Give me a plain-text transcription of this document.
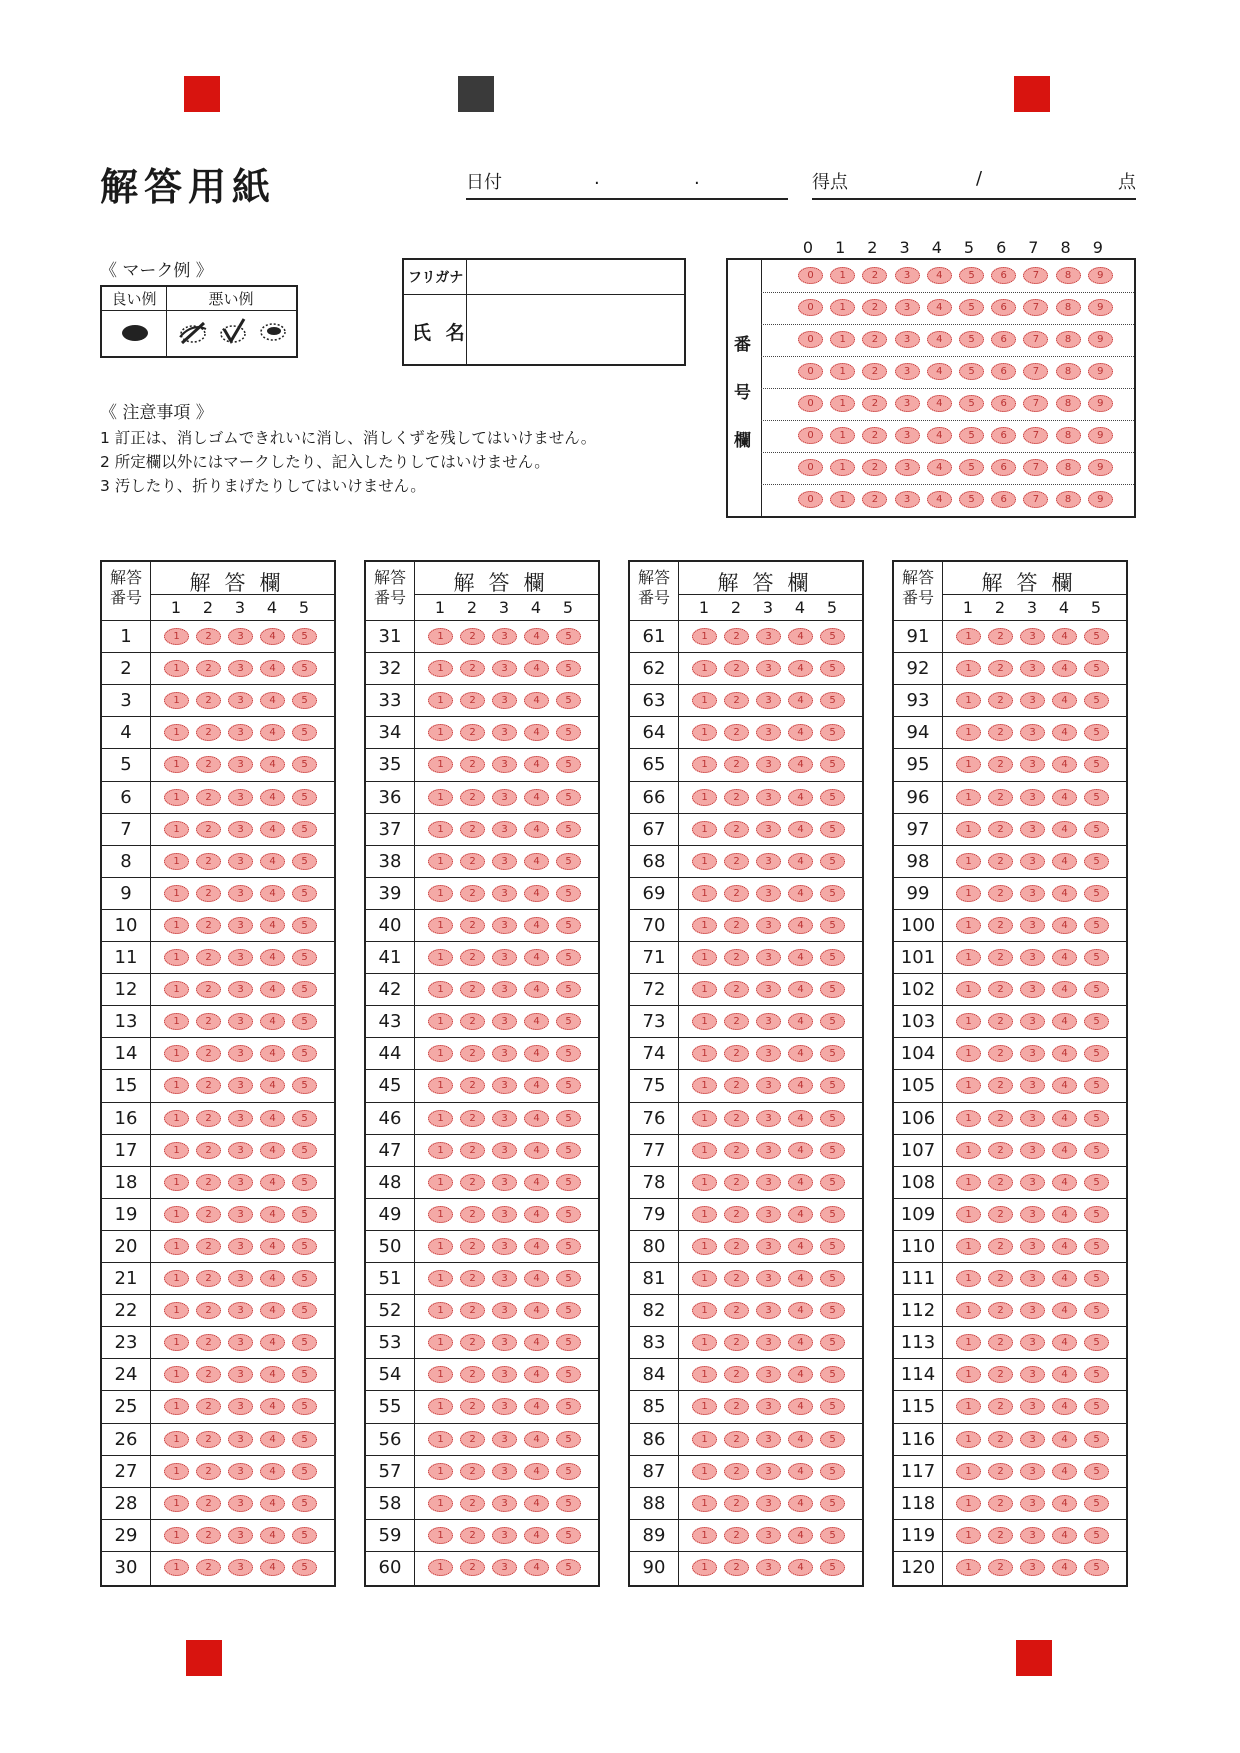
解答用紙	日付	.	.	得点	/	点
《 マーク例 》
良い例	悪い例
フリガナ
氏 名
《 注意事項 》
1 訂正は、消しゴムできれいに消し、消しくずを残してはいけません。
2 所定欄以外にはマークしたり、記入したりしてはいけません。
3 汚したり、折りまげたりしてはいけません。
0	1	2	3	4	5	6	7	8	9
番
号
欄
0	1	2	3	4	5	6	7	8	9
0	1	2	3	4	5	6	7	8	9
0	1	2	3	4	5	6	7	8	9
0	1	2	3	4	5	6	7	8	9
0	1	2	3	4	5	6	7	8	9
0	1	2	3	4	5	6	7	8	9
0	1	2	3	4	5	6	7	8	9
0	1	2	3	4	5	6	7	8	9
解答
番号
解答欄
1	2	3	4	5
1	1	2	3	4	5
2	1	2	3	4	5
3	1	2	3	4	5
4	1	2	3	4	5
5	1	2	3	4	5
6	1	2	3	4	5
7	1	2	3	4	5
8	1	2	3	4	5
9	1	2	3	4	5
10	1	2	3	4	5
11	1	2	3	4	5
12	1	2	3	4	5
13	1	2	3	4	5
14	1	2	3	4	5
15	1	2	3	4	5
16	1	2	3	4	5
17	1	2	3	4	5
18	1	2	3	4	5
19	1	2	3	4	5
20	1	2	3	4	5
21	1	2	3	4	5
22	1	2	3	4	5
23	1	2	3	4	5
24	1	2	3	4	5
25	1	2	3	4	5
26	1	2	3	4	5
27	1	2	3	4	5
28	1	2	3	4	5
29	1	2	3	4	5
30	1	2	3	4	5
解答
番号
解答欄
1	2	3	4	5
31	1	2	3	4	5
32	1	2	3	4	5
33	1	2	3	4	5
34	1	2	3	4	5
35	1	2	3	4	5
36	1	2	3	4	5
37	1	2	3	4	5
38	1	2	3	4	5
39	1	2	3	4	5
40	1	2	3	4	5
41	1	2	3	4	5
42	1	2	3	4	5
43	1	2	3	4	5
44	1	2	3	4	5
45	1	2	3	4	5
46	1	2	3	4	5
47	1	2	3	4	5
48	1	2	3	4	5
49	1	2	3	4	5
50	1	2	3	4	5
51	1	2	3	4	5
52	1	2	3	4	5
53	1	2	3	4	5
54	1	2	3	4	5
55	1	2	3	4	5
56	1	2	3	4	5
57	1	2	3	4	5
58	1	2	3	4	5
59	1	2	3	4	5
60	1	2	3	4	5
解答
番号
解答欄
1	2	3	4	5
61	1	2	3	4	5
62	1	2	3	4	5
63	1	2	3	4	5
64	1	2	3	4	5
65	1	2	3	4	5
66	1	2	3	4	5
67	1	2	3	4	5
68	1	2	3	4	5
69	1	2	3	4	5
70	1	2	3	4	5
71	1	2	3	4	5
72	1	2	3	4	5
73	1	2	3	4	5
74	1	2	3	4	5
75	1	2	3	4	5
76	1	2	3	4	5
77	1	2	3	4	5
78	1	2	3	4	5
79	1	2	3	4	5
80	1	2	3	4	5
81	1	2	3	4	5
82	1	2	3	4	5
83	1	2	3	4	5
84	1	2	3	4	5
85	1	2	3	4	5
86	1	2	3	4	5
87	1	2	3	4	5
88	1	2	3	4	5
89	1	2	3	4	5
90	1	2	3	4	5
解答
番号
解答欄
1	2	3	4	5
91	1	2	3	4	5
92	1	2	3	4	5
93	1	2	3	4	5
94	1	2	3	4	5
95	1	2	3	4	5
96	1	2	3	4	5
97	1	2	3	4	5
98	1	2	3	4	5
99	1	2	3	4	5
100	1	2	3	4	5
101	1	2	3	4	5
102	1	2	3	4	5
103	1	2	3	4	5
104	1	2	3	4	5
105	1	2	3	4	5
106	1	2	3	4	5
107	1	2	3	4	5
108	1	2	3	4	5
109	1	2	3	4	5
110	1	2	3	4	5
111	1	2	3	4	5
112	1	2	3	4	5
113	1	2	3	4	5
114	1	2	3	4	5
115	1	2	3	4	5
116	1	2	3	4	5
117	1	2	3	4	5
118	1	2	3	4	5
119	1	2	3	4	5
120	1	2	3	4	5
